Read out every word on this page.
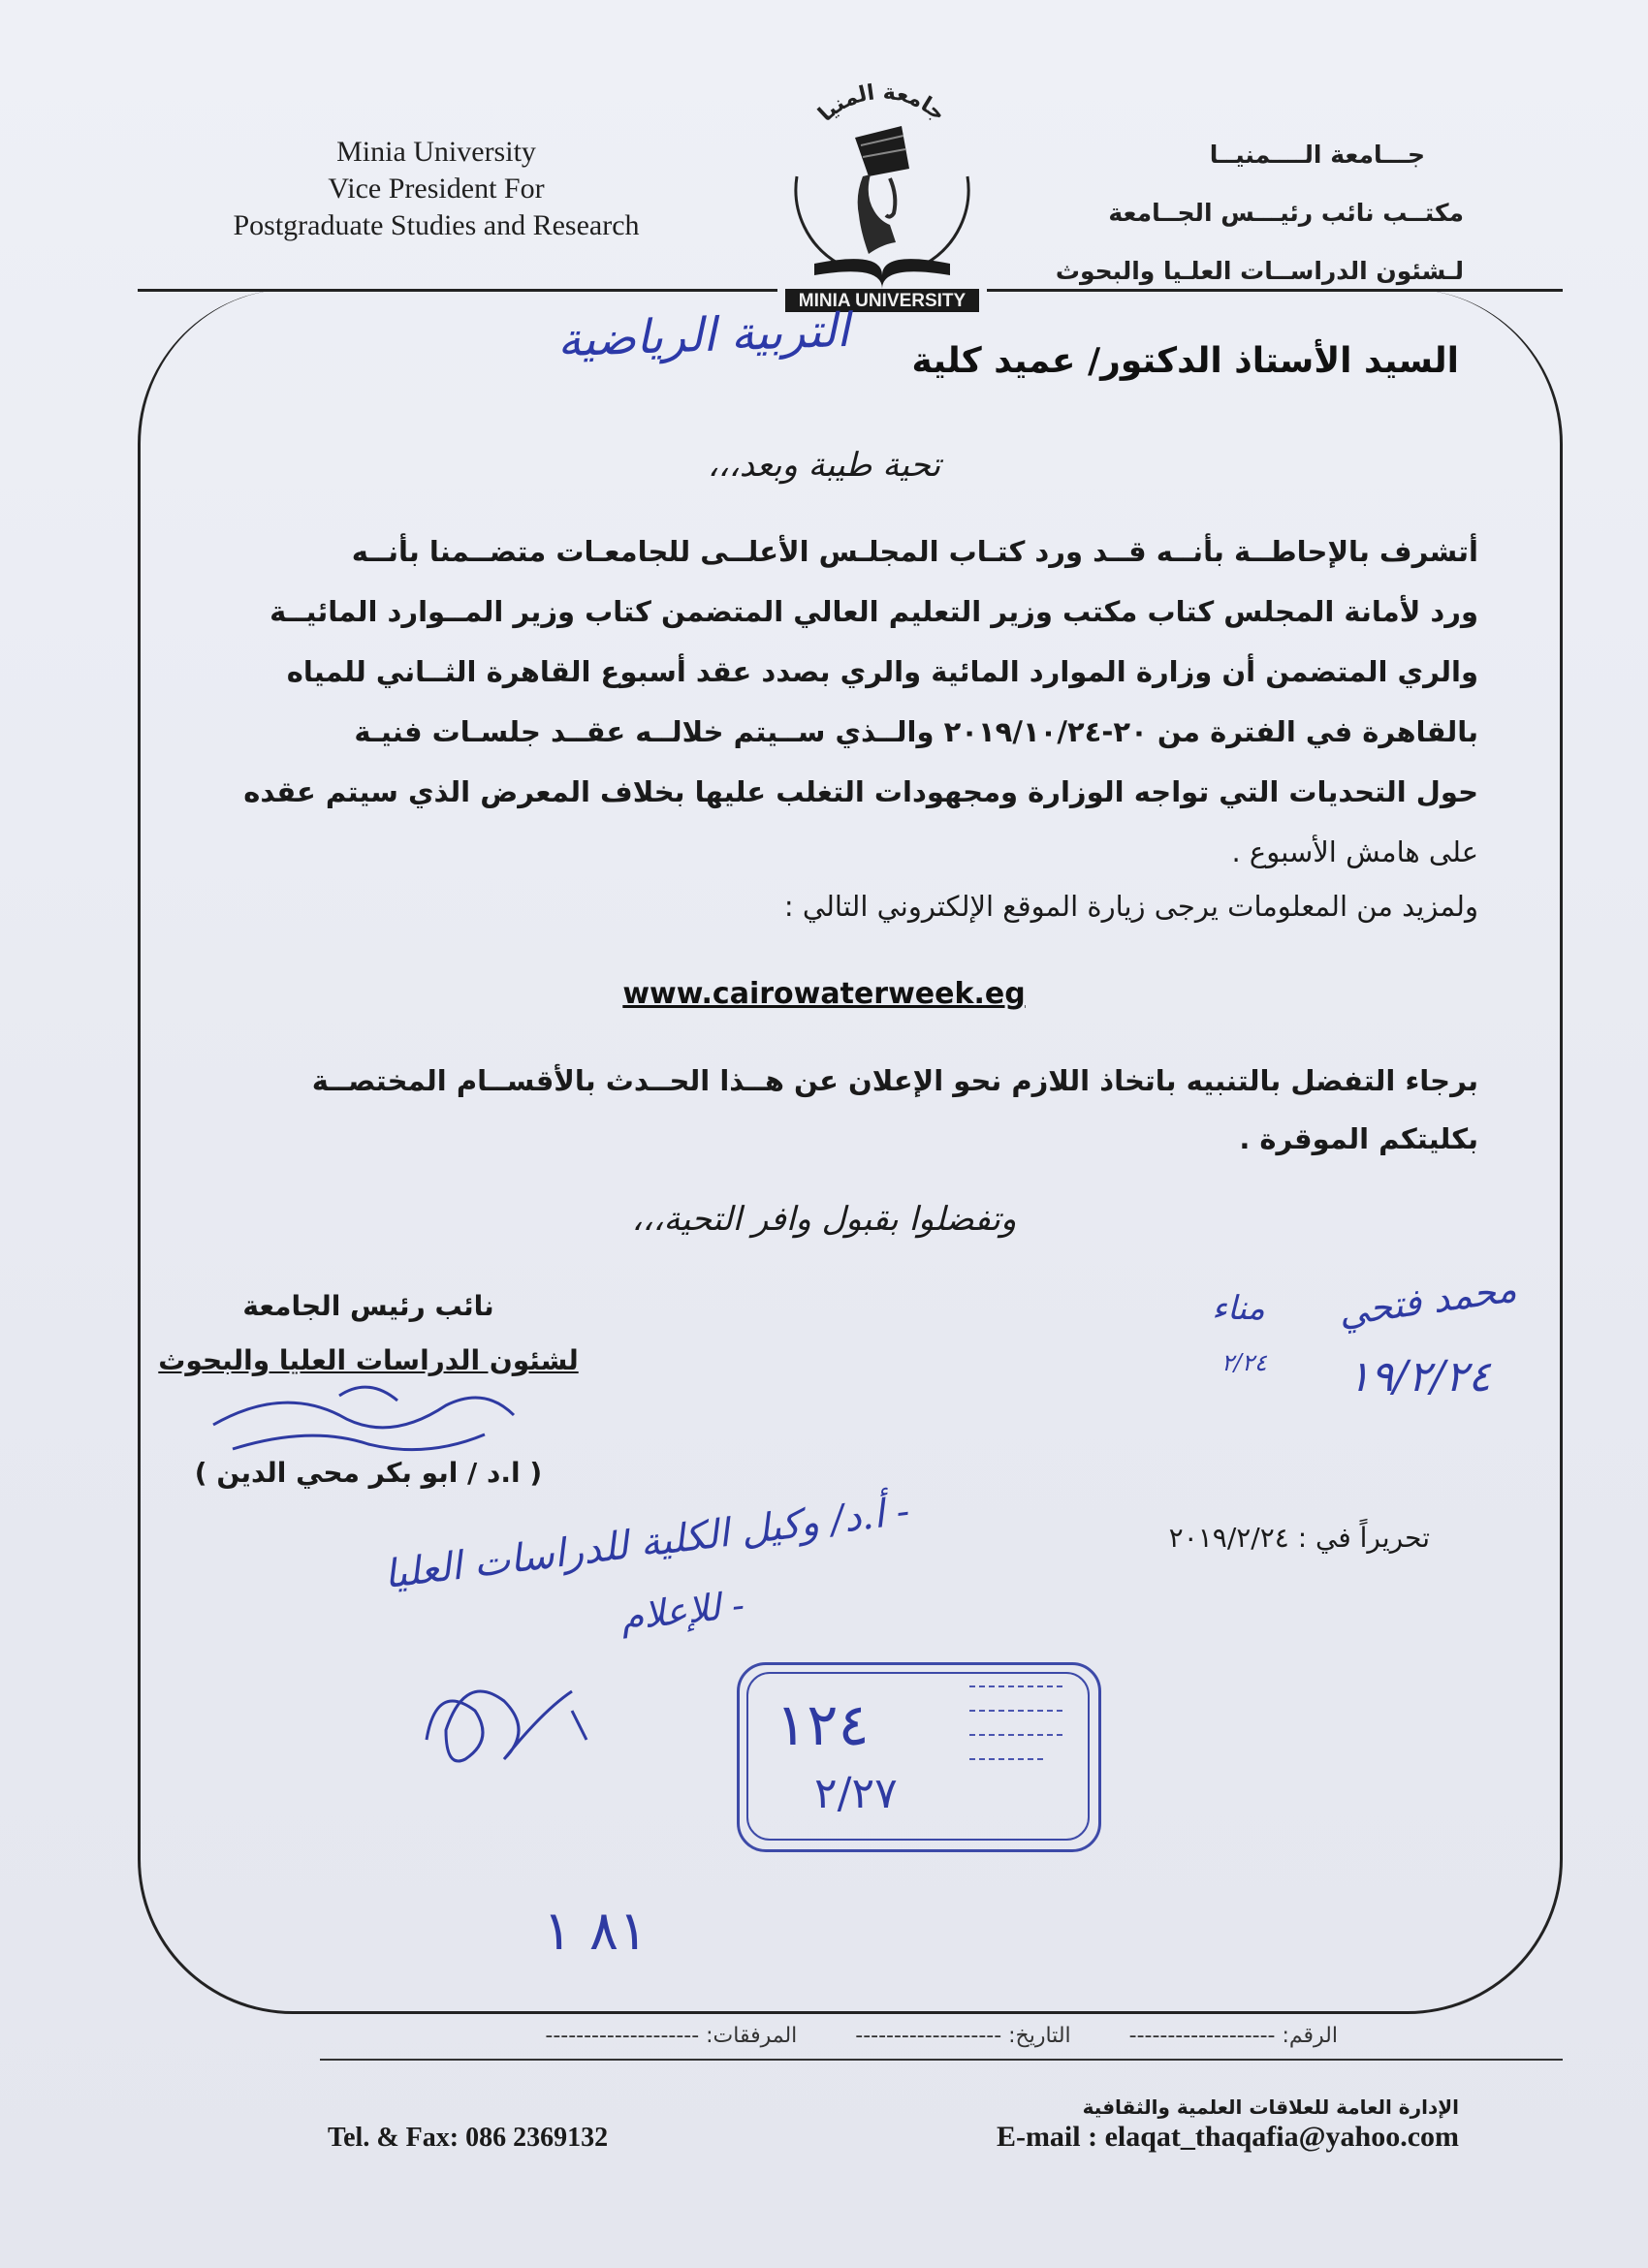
Minia University
Vice President For
Postgraduate Studies and Research
جـــامعة الــــمنيــا
مكتــب نائب رئيـــس الجــامعة
لـشئون الدراســات العلـيا والبحوث
جامعة المنيا
MINIA UNIVERSITY
السيد الأستاذ الدكتور/ عميد كلية
التربية الرياضية
تحية طيبة وبعد،،،
أتشرف بالإحاطــة بأنــه قــد ورد كتـاب المجلـس الأعلــى للجامعـات متضــمنا بأنــه
ورد لأمانة المجلس كتاب مكتب وزير التعليم العالي المتضمن كتاب وزير المــوارد المائيــة
والري المتضمن أن وزارة الموارد المائية والري بصدد عقد أسبوع القاهرة الثــاني للمياه
بالقاهرة في الفترة من ٢٠-٢٠١٩/١٠/٢٤ والــذي ســيتم خلالــه عقــد جلسـات فنيـة
حول التحديات التي تواجه الوزارة ومجهودات التغلب عليها بخلاف المعرض الذي سيتم عقده
على هامش الأسبوع .
ولمزيد من المعلومات يرجى زيارة الموقع الإلكتروني التالي :
www.cairowaterweek.eg
برجاء التفضل بالتنبيه باتخاذ اللازم نحو الإعلان عن هــذا الحــدث بالأقســام المختصــة
بكليتكم الموقرة .
وتفضلوا بقبول وافر التحية،،،
نائب رئيس الجامعة
لشئون الدراسات العليا والبحوث
( ا.د / ابو بكر محي الدين )
محمد فتحي
مناء
١٩/٢/٢٤
٢/٢٤
تحريراً في : ٢٠١٩/٢/٢٤
- أ.د/ وكيل الكلية للدراسات العليا
- للإعلام
١٢٤
٢/٢٧
٨١ ١
الرقم: -------------------
التاريخ: -------------------
المرفقات: --------------------
الإدارة العامة للعلاقات العلمية والثقافية
E-mail : elaqat_thaqafia@yahoo.com
Tel. & Fax: 086 2369132
